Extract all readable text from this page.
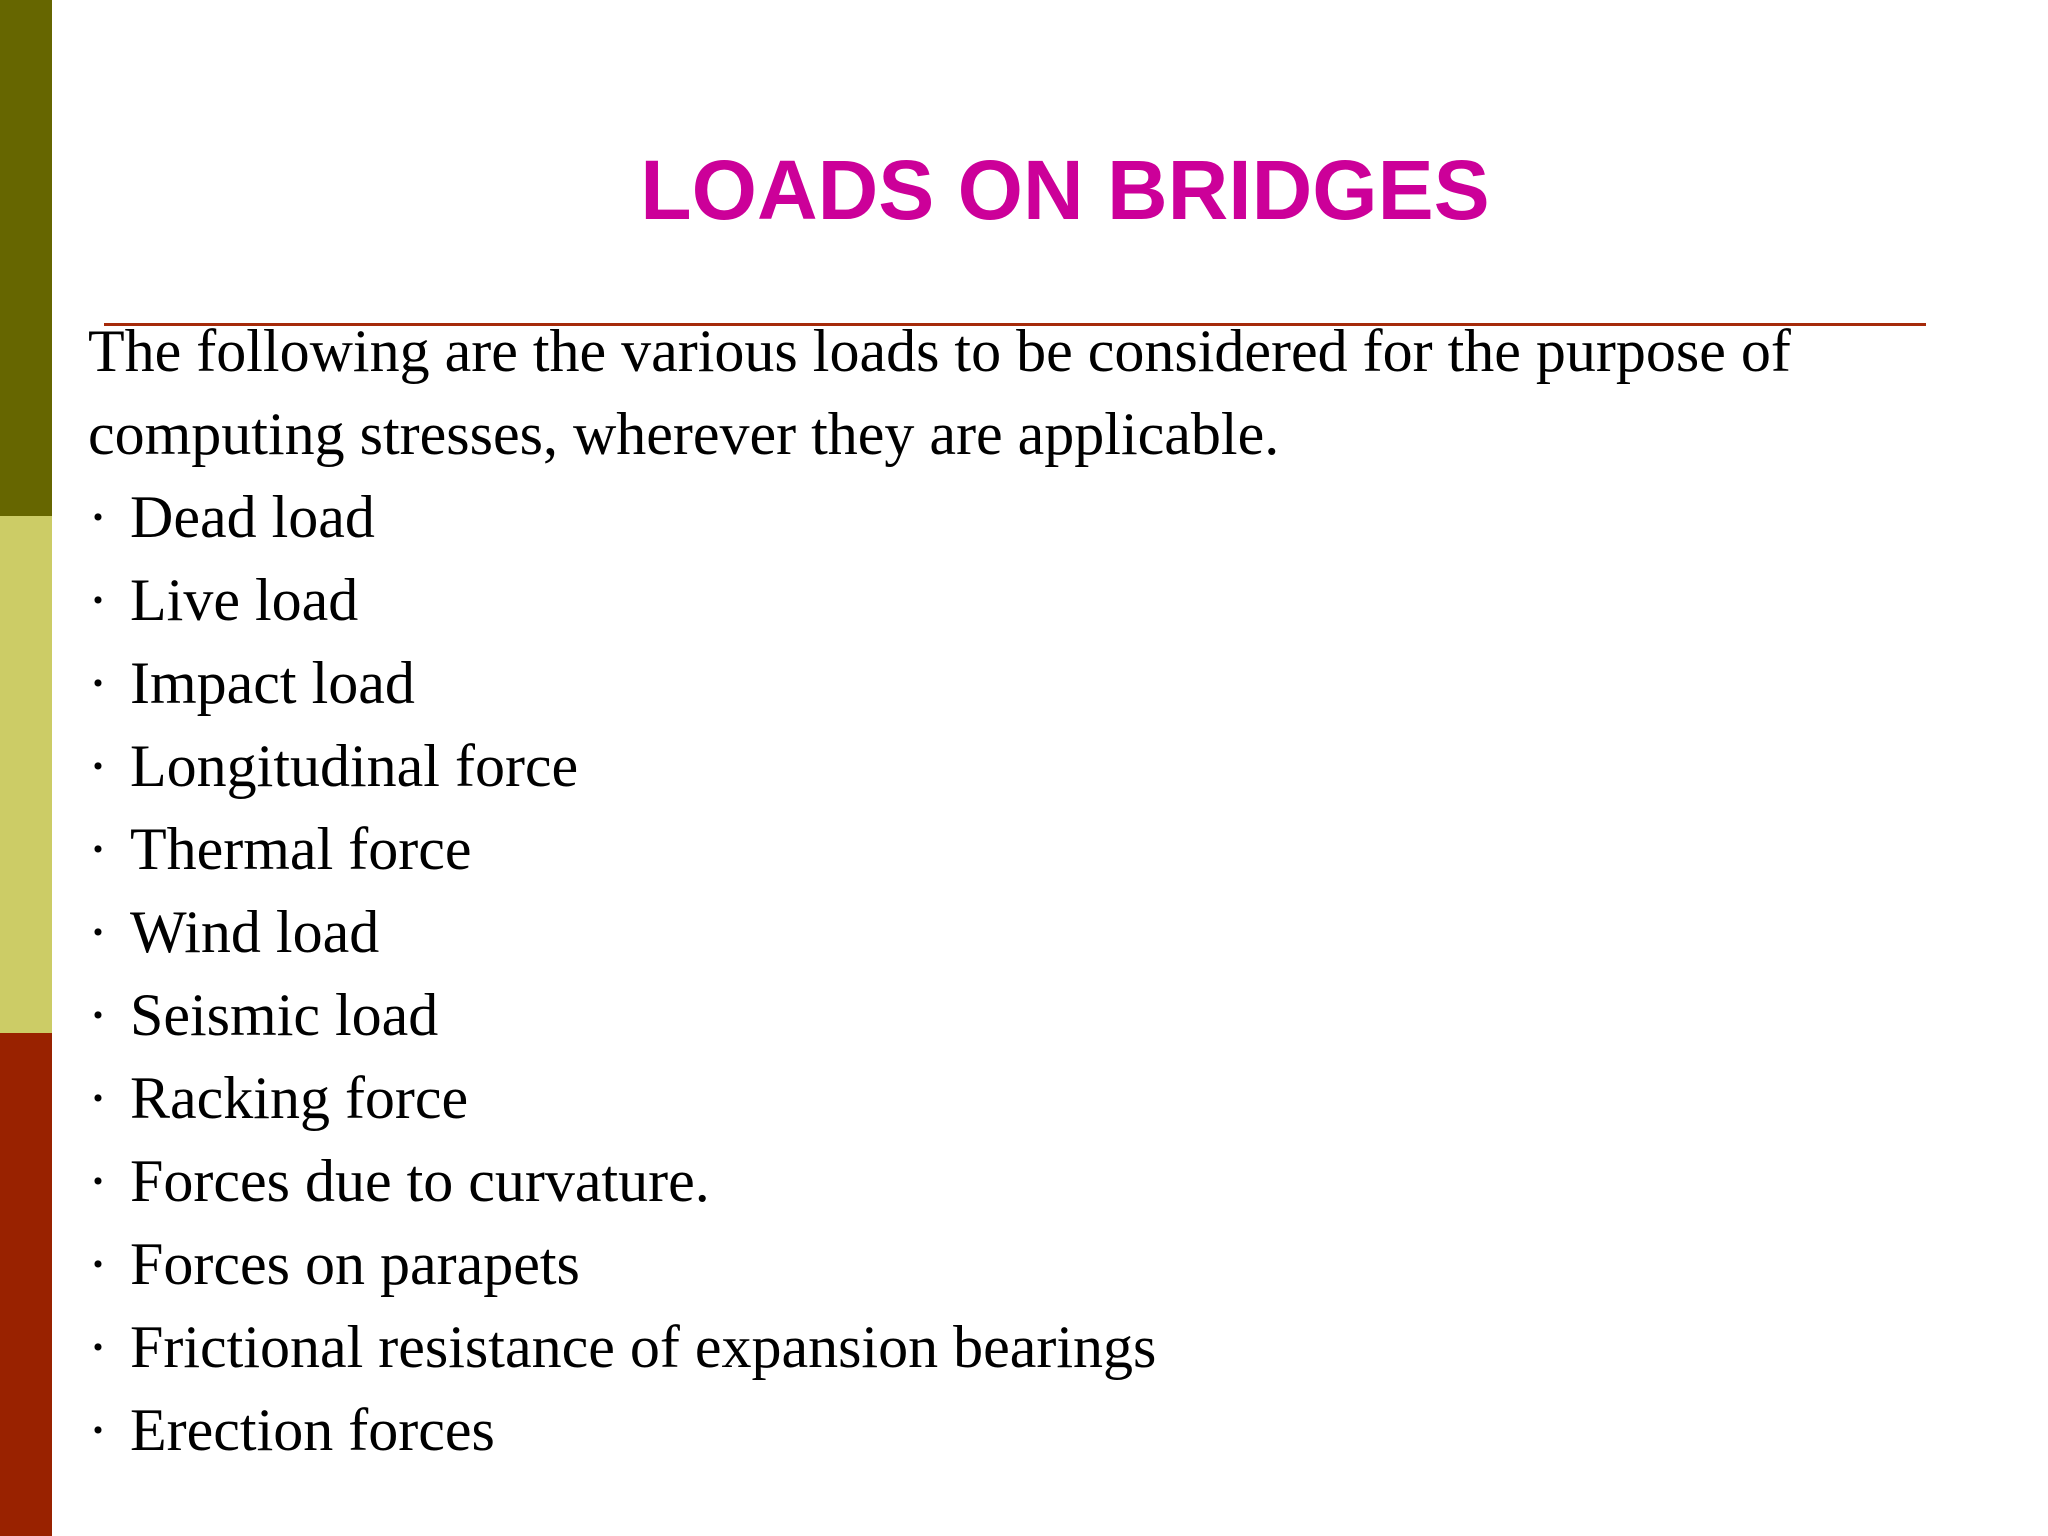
LOADS ON BRIDGES

The following are the various loads to be considered for the purpose of computing stresses, wherever they are applicable.

· Dead load
· Live load
· Impact load
· Longitudinal force
· Thermal force
· Wind load
· Seismic load
· Racking force
· Forces due to curvature.
· Forces on parapets
· Frictional resistance of expansion bearings
· Erection forces
